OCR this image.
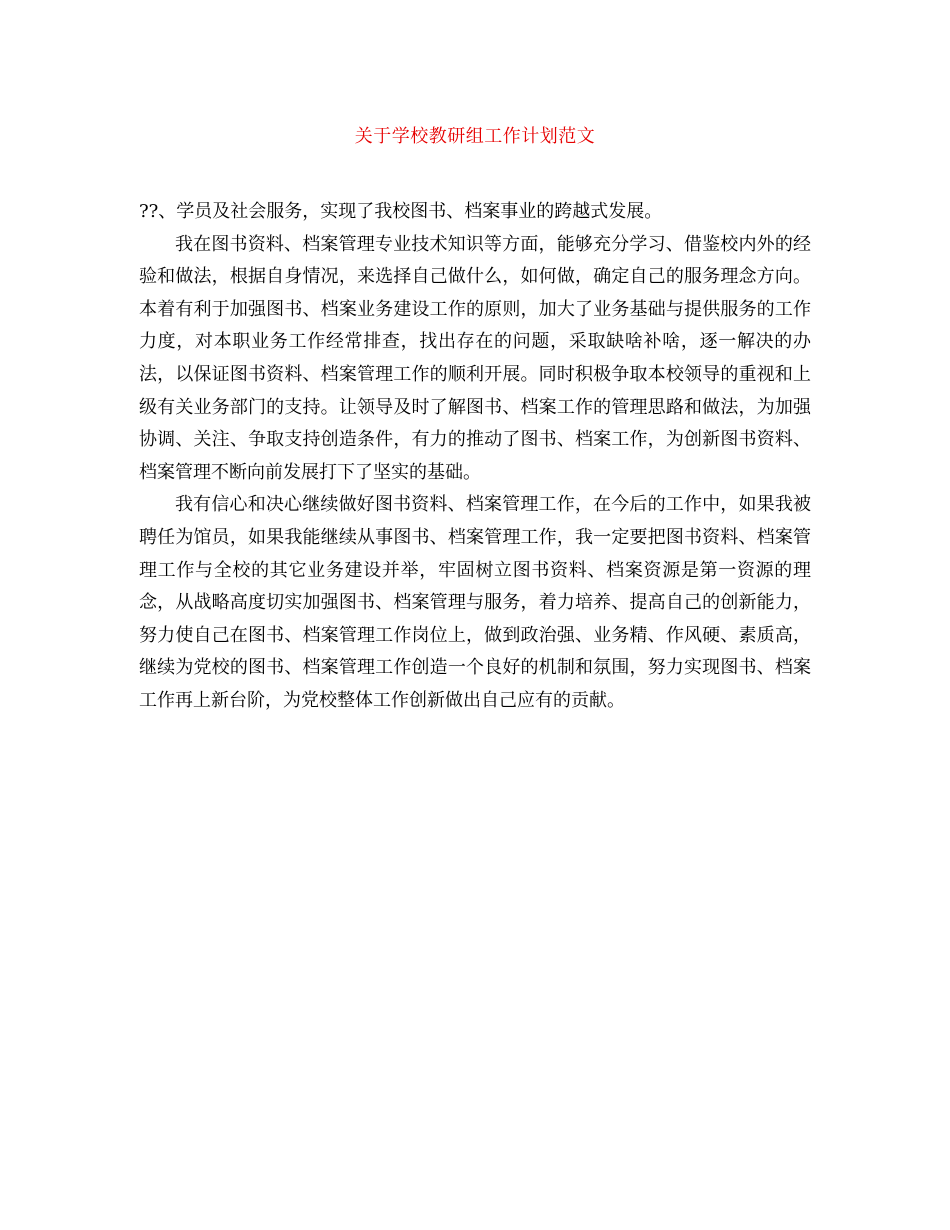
关于学校教研组工作计划范文

??、学员及社会服务，实现了我校图书、档案事业的跨越式发展。

我在图书资料、档案管理专业技术知识等方面，能够充分学习、借鉴校内外的经验和做法，根据自身情况，来选择自己做什么，如何做，确定自己的服务理念方向。本着有利于加强图书、档案业务建设工作的原则，加大了业务基础与提供服务的工作力度，对本职业务工作经常排查，找出存在的问题，采取缺啥补啥，逐一解决的办法，以保证图书资料、档案管理工作的顺利开展。同时积极争取本校领导的重视和上级有关业务部门的支持。让领导及时了解图书、档案工作的管理思路和做法，为加强协调、关注、争取支持创造条件，有力的推动了图书、档案工作，为创新图书资料、档案管理不断向前发展打下了坚实的基础。

我有信心和决心继续做好图书资料、档案管理工作，在今后的工作中，如果我被聘任为馆员，如果我能继续从事图书、档案管理工作，我一定要把图书资料、档案管理工作与全校的其它业务建设并举，牢固树立图书资料、档案资源是第一资源的理念，从战略高度切实加强图书、档案管理与服务，着力培养、提高自己的创新能力，努力使自己在图书、档案管理工作岗位上，做到政治强、业务精、作风硬、素质高，继续为党校的图书、档案管理工作创造一个良好的机制和氛围，努力实现图书、档案工作再上新台阶，为党校整体工作创新做出自己应有的贡献。
